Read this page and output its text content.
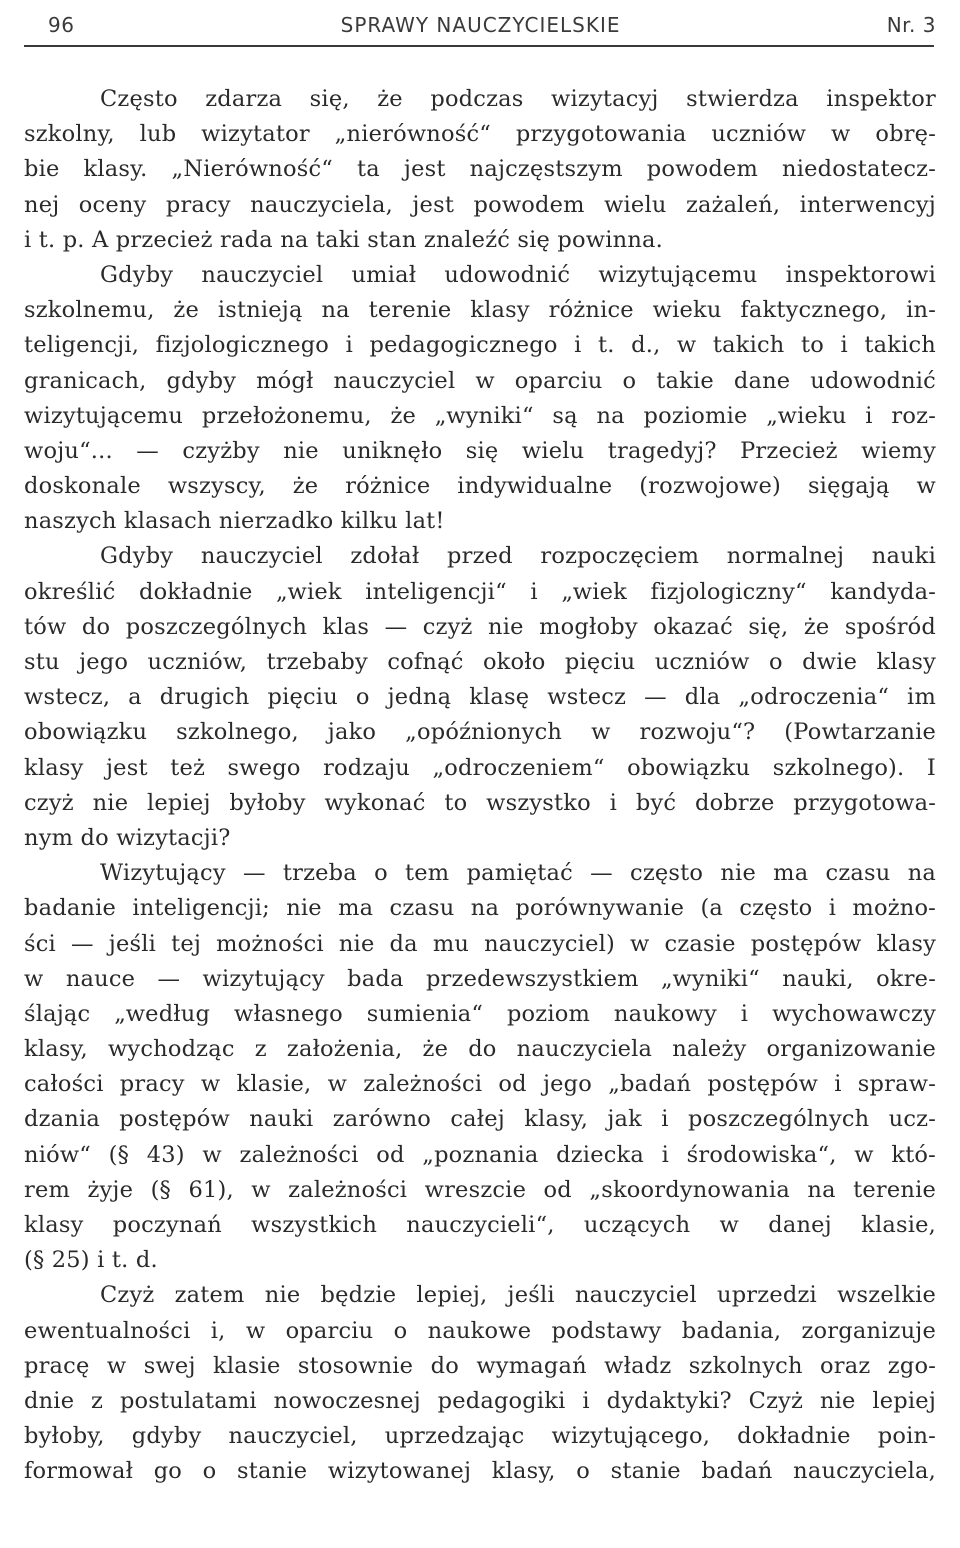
96	SPRAWY NAUCZYCIELSKIE	Nr. 3
Często zdarza się, że podczas wizytacyj stwierdza inspektor
szkolny, lub wizytator „nierówność“ przygotowania uczniów w obrę-
bie klasy. „Nierówność“ ta jest najczęstszym powodem niedostatecz-
nej oceny pracy nauczyciela, jest powodem wielu zażaleń, interwencyj
i t. p. A przecież rada na taki stan znaleźć się powinna.
Gdyby nauczyciel umiał udowodnić wizytującemu inspektorowi
szkolnemu, że istnieją na terenie klasy różnice wieku faktycznego, in-
teligencji, fizjologicznego i pedagogicznego i t. d., w takich to i takich
granicach, gdyby mógł nauczyciel w oparciu o takie dane udowodnić
wizytującemu przełożonemu, że „wyniki“ są na poziomie „wieku i roz-
woju“... — czyżby nie uniknęło się wielu tragedyj? Przecież wiemy
doskonale wszyscy, że różnice indywidualne (rozwojowe) sięgają w
naszych klasach nierzadko kilku lat!
Gdyby nauczyciel zdołał przed rozpoczęciem normalnej nauki
określić dokładnie „wiek inteligencji“ i „wiek fizjologiczny“ kandyda-
tów do poszczególnych klas — czyż nie mogłoby okazać się, że spośród
stu jego uczniów, trzebaby cofnąć około pięciu uczniów o dwie klasy
wstecz, a drugich pięciu o jedną klasę wstecz — dla „odroczenia“ im
obowiązku szkolnego, jako „opóźnionych w rozwoju“? (Powtarzanie
klasy jest też swego rodzaju „odroczeniem“ obowiązku szkolnego). I
czyż nie lepiej byłoby wykonać to wszystko i być dobrze przygotowa-
nym do wizytacji?
Wizytujący — trzeba o tem pamiętać — często nie ma czasu na
badanie inteligencji; nie ma czasu na porównywanie (a często i możno-
ści — jeśli tej możności nie da mu nauczyciel) w czasie postępów klasy
w nauce — wizytujący bada przedewszystkiem „wyniki“ nauki, okre-
ślając „według własnego sumienia“ poziom naukowy i wychowawczy
klasy, wychodząc z założenia, że do nauczyciela należy organizowanie
całości pracy w klasie, w zależności od jego „badań postępów i spraw-
dzania postępów nauki zarówno całej klasy, jak i poszczególnych ucz-
niów“ (§ 43) w zależności od „poznania dziecka i środowiska“, w któ-
rem żyje (§ 61), w zależności wreszcie od „skoordynowania na terenie
klasy poczynań wszystkich nauczycieli“, uczących w danej klasie,
(§ 25) i t. d.
Czyż zatem nie będzie lepiej, jeśli nauczyciel uprzedzi wszelkie
ewentualności i, w oparciu o naukowe podstawy badania, zorganizuje
pracę w swej klasie stosownie do wymagań władz szkolnych oraz zgo-
dnie z postulatami nowoczesnej pedagogiki i dydaktyki? Czyż nie lepiej
byłoby, gdyby nauczyciel, uprzedzając wizytującego, dokładnie poin-
formował go o stanie wizytowanej klasy, o stanie badań nauczyciela,
